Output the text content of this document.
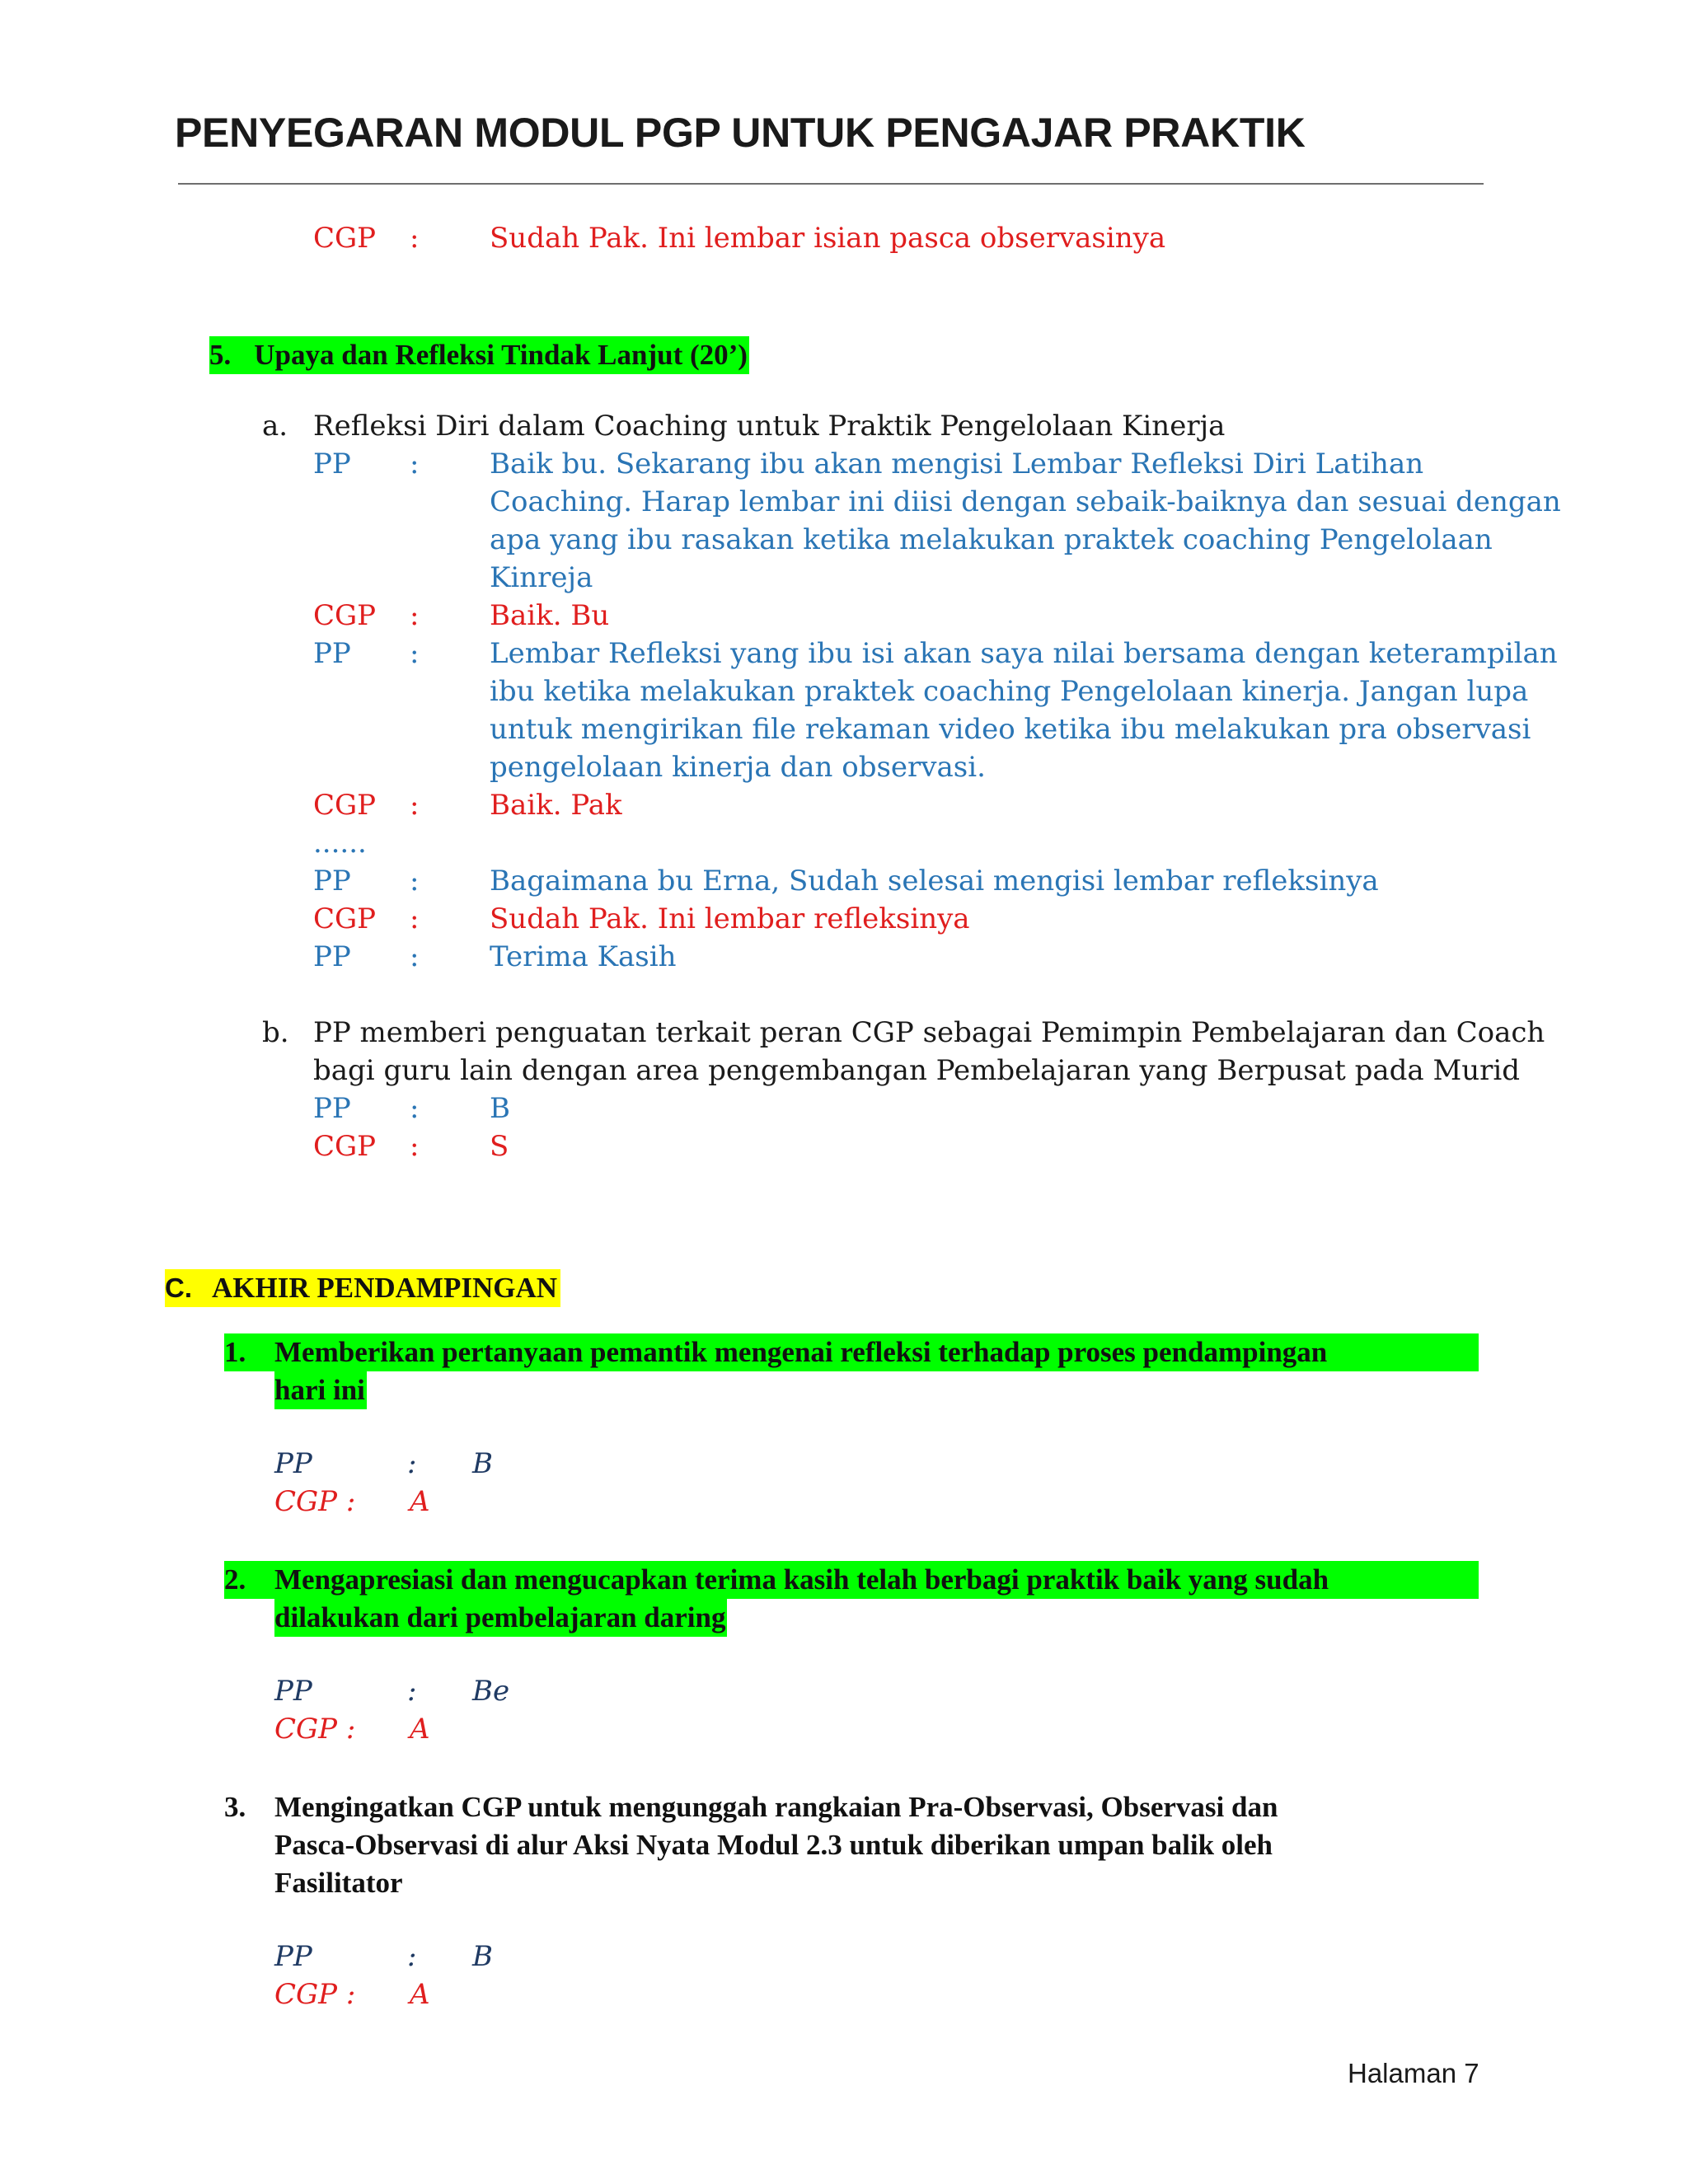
PENYEGARAN MODUL PGP UNTUK PENGAJAR PRAKTIK
CGP :	Sudah Pak. Ini lembar isian pasca observasinya
5. Upaya dan Refleksi Tindak Lanjut (20’)
a. Refleksi Diri dalam Coaching untuk Praktik Pengelolaan Kinerja
PP :	Baik bu. Sekarang ibu akan mengisi Lembar Refleksi Diri Latihan
Coaching. Harap lembar ini diisi dengan sebaik-baiknya dan sesuai dengan
apa yang ibu rasakan ketika melakukan praktek coaching Pengelolaan
Kinreja
CGP :	Baik. Bu
PP :	Lembar Refleksi yang ibu isi akan saya nilai bersama dengan keterampilan
ibu ketika melakukan praktek coaching Pengelolaan kinerja. Jangan lupa
untuk mengirikan file rekaman video ketika ibu melakukan pra observasi
pengelolaan kinerja dan observasi.
CGP :	Baik. Pak
......
PP :	Bagaimana bu Erna, Sudah selesai mengisi lembar refleksinya
CGP :	Sudah Pak. Ini lembar refleksinya
PP :	Terima Kasih
b. PP memberi penguatan terkait peran CGP sebagai Pemimpin Pembelajaran dan Coach
bagi guru lain dengan area pengembangan Pembelajaran yang Berpusat pada Murid
PP :	B
CGP :	S
C. AKHIR PENDAMPINGAN
1. Memberikan pertanyaan pemantik mengenai refleksi terhadap proses pendampingan
hari ini
PP	: B
CGP : A
2. Mengapresiasi dan mengucapkan terima kasih telah berbagi praktik baik yang sudah
dilakukan dari pembelajaran daring
PP	: Be
CGP : A
3. Mengingatkan CGP untuk mengunggah rangkaian Pra-Observasi, Observasi dan
Pasca-Observasi di alur Aksi Nyata Modul 2.3 untuk diberikan umpan balik oleh
Fasilitator
PP	: B
CGP : A
Halaman 7
